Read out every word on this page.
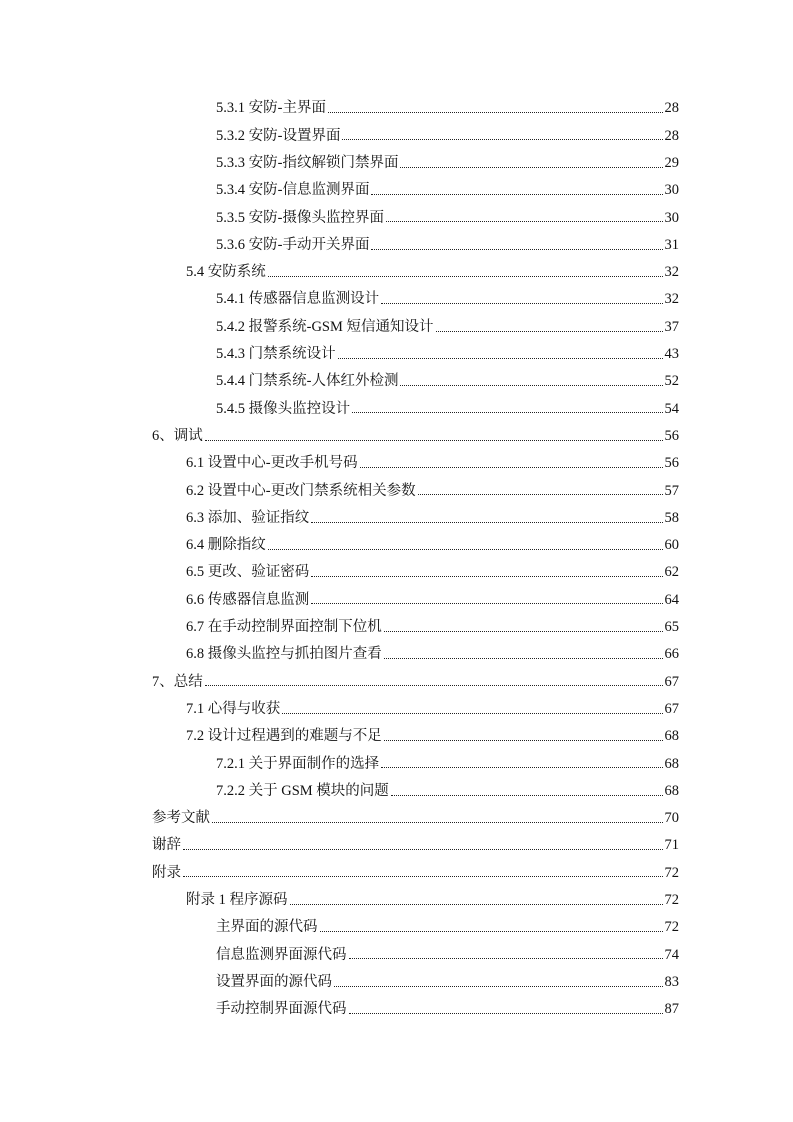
5.3.1 安防-主界面	28
5.3.2 安防-设置界面	28
5.3.3 安防-指纹解锁门禁界面	29
5.3.4 安防-信息监测界面	30
5.3.5 安防-摄像头监控界面	30
5.3.6 安防-手动开关界面	31
5.4 安防系统	32
5.4.1 传感器信息监测设计	32
5.4.2 报警系统-GSM 短信通知设计	37
5.4.3 门禁系统设计	43
5.4.4 门禁系统-人体红外检测	52
5.4.5 摄像头监控设计	54
6、调试	56
6.1 设置中心-更改手机号码	56
6.2 设置中心-更改门禁系统相关参数	57
6.3 添加、验证指纹	58
6.4 删除指纹	60
6.5 更改、验证密码	62
6.6 传感器信息监测	64
6.7 在手动控制界面控制下位机	65
6.8 摄像头监控与抓拍图片查看	66
7、总结	67
7.1 心得与收获	67
7.2 设计过程遇到的难题与不足	68
7.2.1 关于界面制作的选择	68
7.2.2 关于 GSM 模块的问题	68
参考文献	70
谢辞	71
附录	72
附录 1 程序源码	72
主界面的源代码	72
信息监测界面源代码	74
设置界面的源代码	83
手动控制界面源代码	87
